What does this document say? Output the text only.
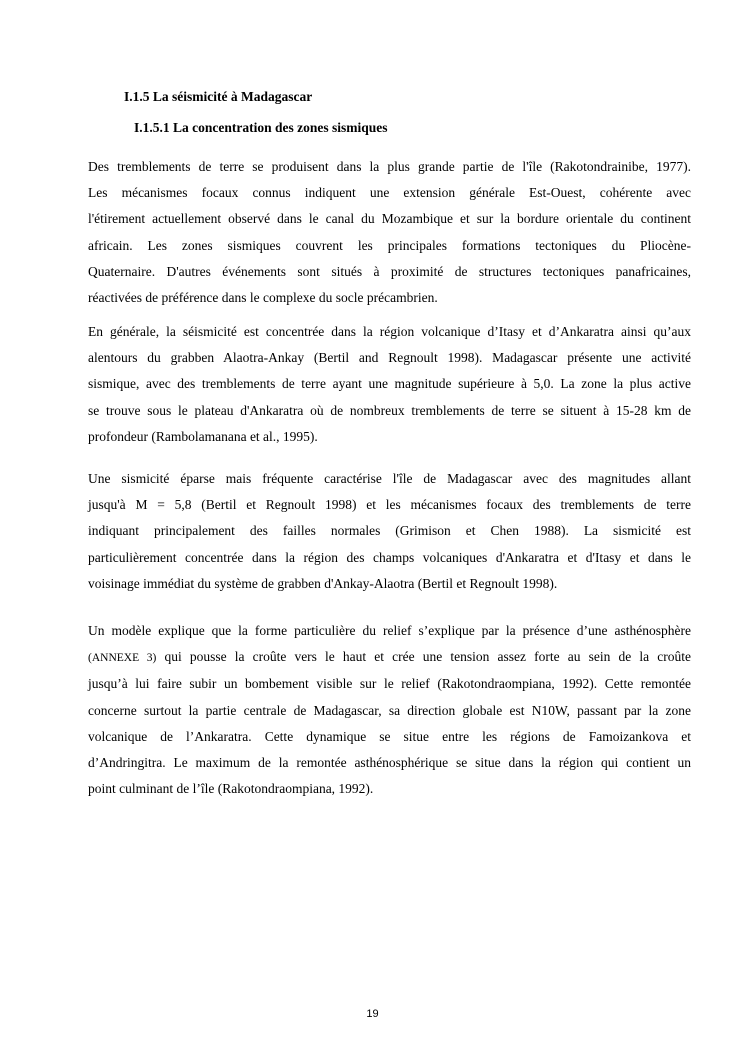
I.1.5 La séismicité à Madagascar
I.1.5.1 La concentration des zones sismiques

Des tremblements de terre se produisent dans la plus grande partie de l'île (Rakotondrainibe, 1977).
Les mécanismes focaux connus indiquent une extension générale Est-Ouest, cohérente avec
l'étirement actuellement observé dans le canal du Mozambique et sur la bordure orientale du continent
africain. Les zones sismiques couvrent les principales formations tectoniques du Pliocène-
Quaternaire. D'autres événements sont situés à proximité de structures tectoniques panafricaines,
réactivées de préférence dans le complexe du socle précambrien.

En générale, la séismicité est concentrée dans la région volcanique d’Itasy et d’Ankaratra ainsi qu’aux
alentours du grabben Alaotra-Ankay (Bertil and Regnoult 1998). Madagascar présente une activité
sismique, avec des tremblements de terre ayant une magnitude supérieure à 5,0. La zone la plus active
se trouve sous le plateau d'Ankaratra où de nombreux tremblements de terre se situent à 15-28 km de
profondeur (Rambolamanana et al., 1995).

Une sismicité éparse mais fréquente caractérise l'île de Madagascar avec des magnitudes allant
jusqu'à M = 5,8 (Bertil et Regnoult 1998) et les mécanismes focaux des tremblements de terre
indiquant principalement des failles normales (Grimison et Chen 1988). La sismicité est
particulièrement concentrée dans la région des champs volcaniques d'Ankaratra et d'Itasy et dans le
voisinage immédiat du système de grabben d'Ankay-Alaotra (Bertil et Regnoult 1998).

Un modèle explique que la forme particulière du relief s’explique par la présence d’une asthénosphère
(ANNEXE 3) qui pousse la croûte vers le haut et crée une tension assez forte au sein de la croûte
jusqu’à lui faire subir un bombement visible sur le relief (Rakotondraompiana, 1992). Cette remontée
concerne surtout la partie centrale de Madagascar, sa direction globale est N10W, passant par la zone
volcanique de l’Ankaratra. Cette dynamique se situe entre les régions de Famoizankova et
d’Andringitra. Le maximum de la remontée asthénosphérique se situe dans la région qui contient un
point culminant de l’île (Rakotondraompiana, 1992).

19
